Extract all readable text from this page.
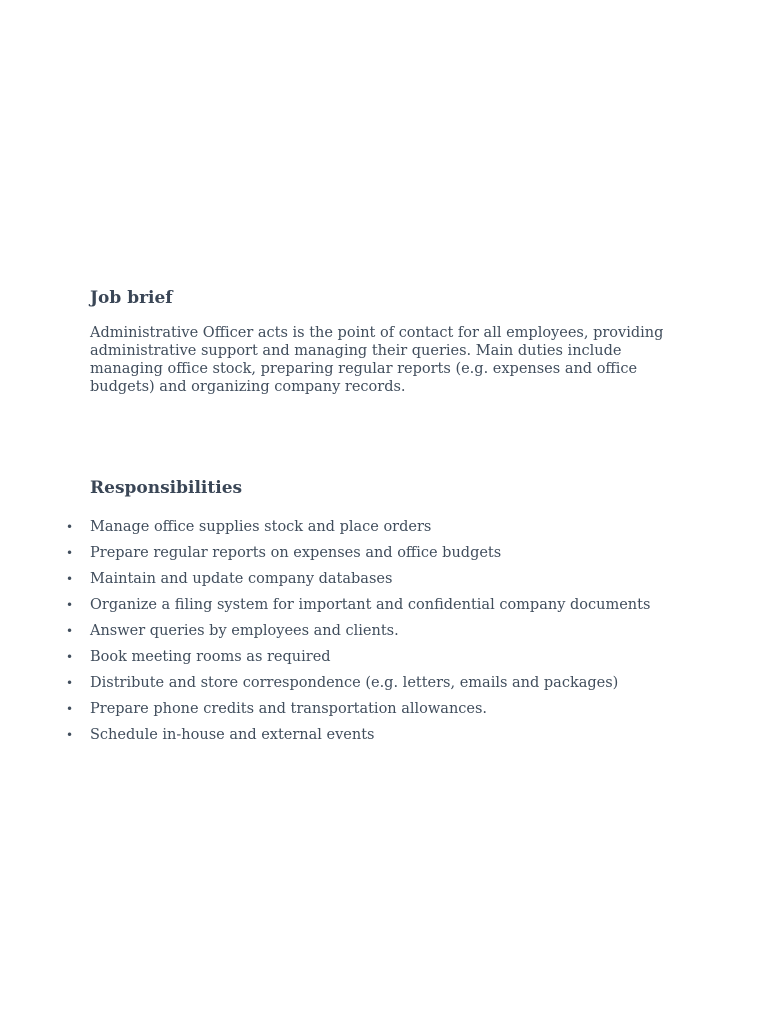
Job brief

Administrative Officer acts is the point of contact for all employees, providing administrative support and managing their queries. Main duties include managing office stock, preparing regular reports (e.g. expenses and office budgets) and organizing company records.

Responsibilities
• Manage office supplies stock and place orders
• Prepare regular reports on expenses and office budgets
• Maintain and update company databases
• Organize a filing system for important and confidential company documents
• Answer queries by employees and clients.
• Book meeting rooms as required
• Distribute and store correspondence (e.g. letters, emails and packages)
• Prepare phone credits and transportation allowances.
• Schedule in-house and external events
